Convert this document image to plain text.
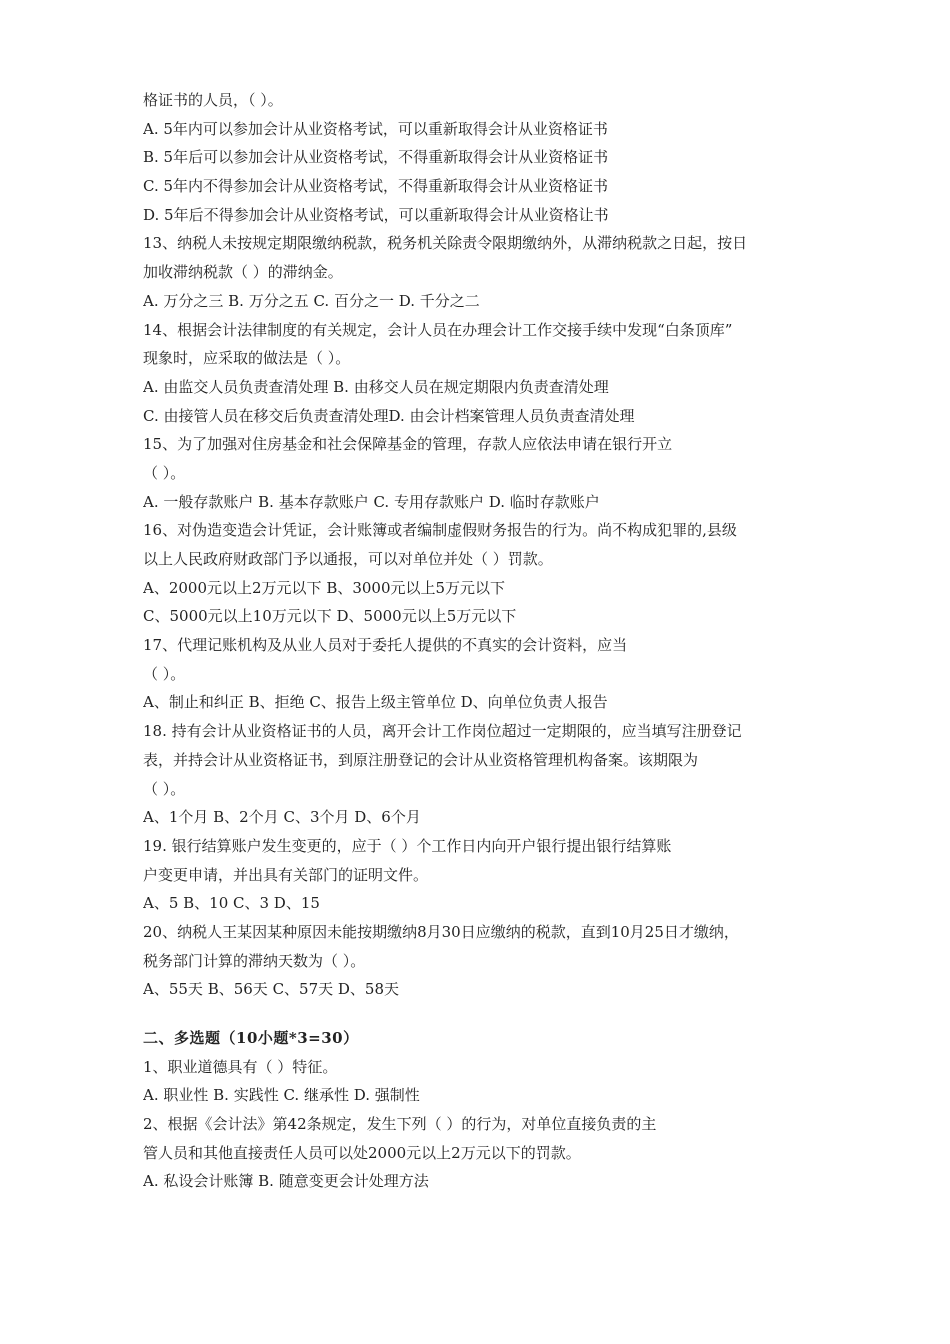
格证书的人员，（ ）。
A. 5年内可以参加会计从业资格考试，可以重新取得会计从业资格证书
B. 5年后可以参加会计从业资格考试，不得重新取得会计从业资格证书
C. 5年内不得参加会计从业资格考试，不得重新取得会计从业资格证书
D. 5年后不得参加会计从业资格考试，可以重新取得会计从业资格让书
13、纳税人未按规定期限缴纳税款，税务机关除责令限期缴纳外，从滞纳税款之日起，按日
加收滞纳税款（ ）的滞纳金。
A. 万分之三 B. 万分之五 C. 百分之一 D. 千分之二
14、根据会计法律制度的有关规定，会计人员在办理会计工作交接手续中发现“白条顶库”
现象时，应采取的做法是（ ）。
A. 由监交人员负责查清处理 B. 由移交人员在规定期限内负责查清处理
C. 由接管人员在移交后负责查清处理D. 由会计档案管理人员负责查清处理
15、为了加强对住房基金和社会保障基金的管理，存款人应依法申请在银行开立
（ ）。
A. 一般存款账户 B. 基本存款账户 C. 专用存款账户 D. 临时存款账户
16、对伪造变造会计凭证，会计账簿或者编制虚假财务报告的行为。尚不构成犯罪的,县级
以上人民政府财政部门予以通报，可以对单位并处（ ）罚款。
A、2000元以上2万元以下 B、3000元以上5万元以下
C、5000元以上10万元以下 D、5000元以上5万元以下
17、代理记账机构及从业人员对于委托人提供的不真实的会计资料，应当
（ ）。
A、制止和纠正 B、拒绝 C、报告上级主管单位 D、向单位负责人报告
18. 持有会计从业资格证书的人员，离开会计工作岗位超过一定期限的，应当填写注册登记
表，并持会计从业资格证书，到原注册登记的会计从业资格管理机构备案。该期限为
（ ）。
A、1个月 B、2个月 C、3个月 D、6个月
19. 银行结算账户发生变更的，应于（ ）个工作日内向开户银行提出银行结算账
户变更申请，并出具有关部门的证明文件。
A、5 B、10 C、3 D、15
20、纳税人王某因某种原因未能按期缴纳8月30日应缴纳的税款，直到10月25日才缴纳，
税务部门计算的滞纳天数为（ ）。
A、55天 B、56天 C、57天 D、58天
二、多选题（10小题*3=30）
1、职业道德具有（ ）特征。
A. 职业性 B. 实践性 C. 继承性 D. 强制性
2、根据《会计法》第42条规定，发生下列（ ）的行为，对单位直接负责的主
管人员和其他直接责任人员可以处2000元以上2万元以下的罚款。
A. 私设会计账簿 B. 随意变更会计处理方法
